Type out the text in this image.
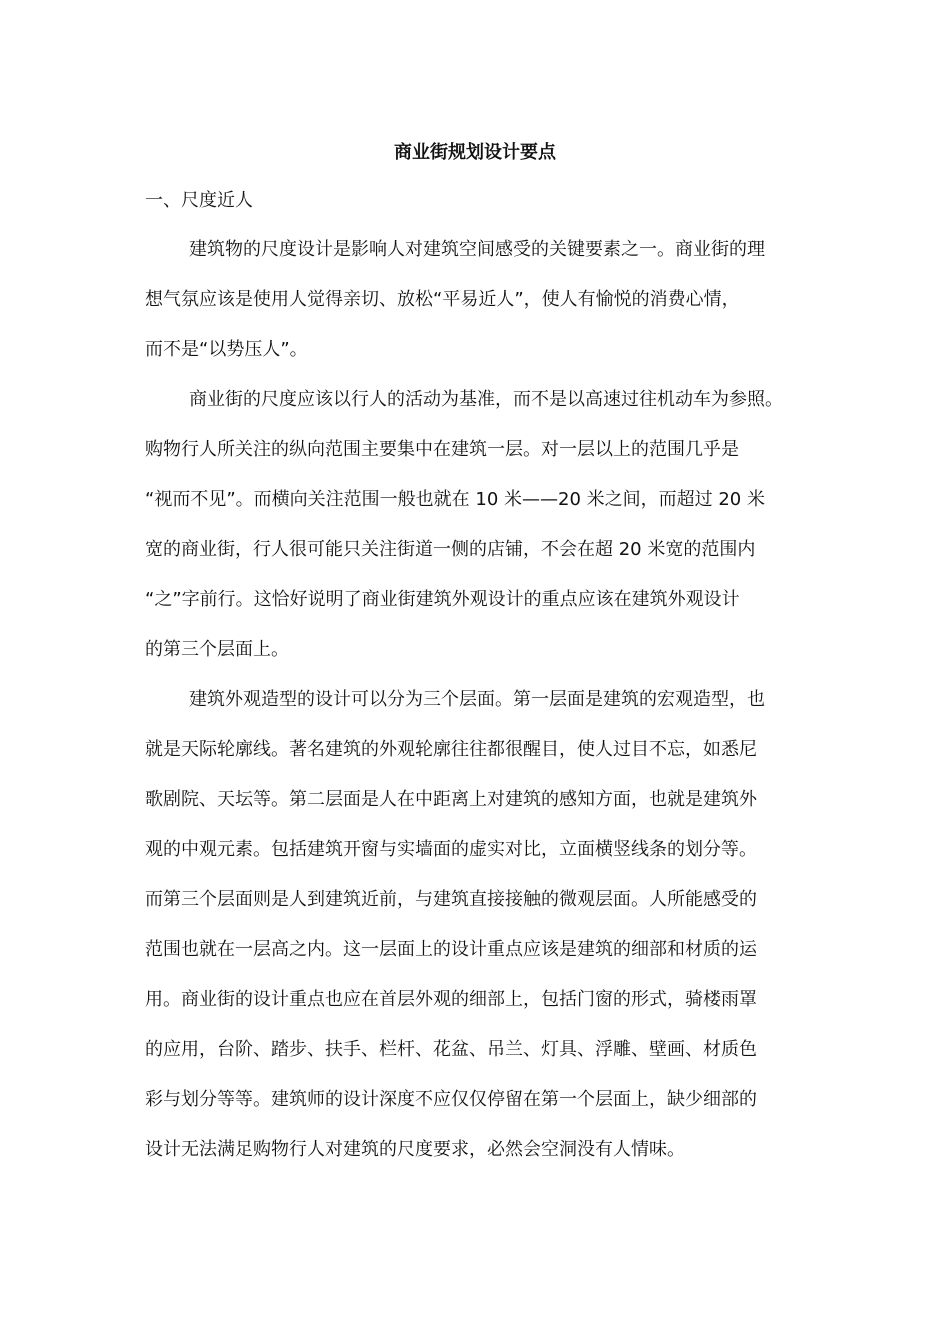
商业街规划设计要点
一、尺度近人
建筑物的尺度设计是影响人对建筑空间感受的关键要素之一。商业街的理
想气氛应该是使用人觉得亲切、放松“平易近人”，使人有愉悦的消费心情，
而不是“以势压人”。
商业街的尺度应该以行人的活动为基准，而不是以高速过往机动车为参照。
购物行人所关注的纵向范围主要集中在建筑一层。对一层以上的范围几乎是
“视而不见”。而横向关注范围一般也就在 10 米——20 米之间，而超过 20 米
宽的商业街，行人很可能只关注街道一侧的店铺，不会在超 20 米宽的范围内
“之”字前行。这恰好说明了商业街建筑外观设计的重点应该在建筑外观设计
的第三个层面上。
建筑外观造型的设计可以分为三个层面。第一层面是建筑的宏观造型，也
就是天际轮廓线。著名建筑的外观轮廓往往都很醒目，使人过目不忘，如悉尼
歌剧院、天坛等。第二层面是人在中距离上对建筑的感知方面，也就是建筑外
观的中观元素。包括建筑开窗与实墙面的虚实对比，立面横竖线条的划分等。
而第三个层面则是人到建筑近前，与建筑直接接触的微观层面。人所能感受的
范围也就在一层高之内。这一层面上的设计重点应该是建筑的细部和材质的运
用。商业街的设计重点也应在首层外观的细部上，包括门窗的形式，骑楼雨罩
的应用，台阶、踏步、扶手、栏杆、花盆、吊兰、灯具、浮雕、壁画、材质色
彩与划分等等。建筑师的设计深度不应仅仅停留在第一个层面上，缺少细部的
设计无法满足购物行人对建筑的尺度要求，必然会空洞没有人情味。
